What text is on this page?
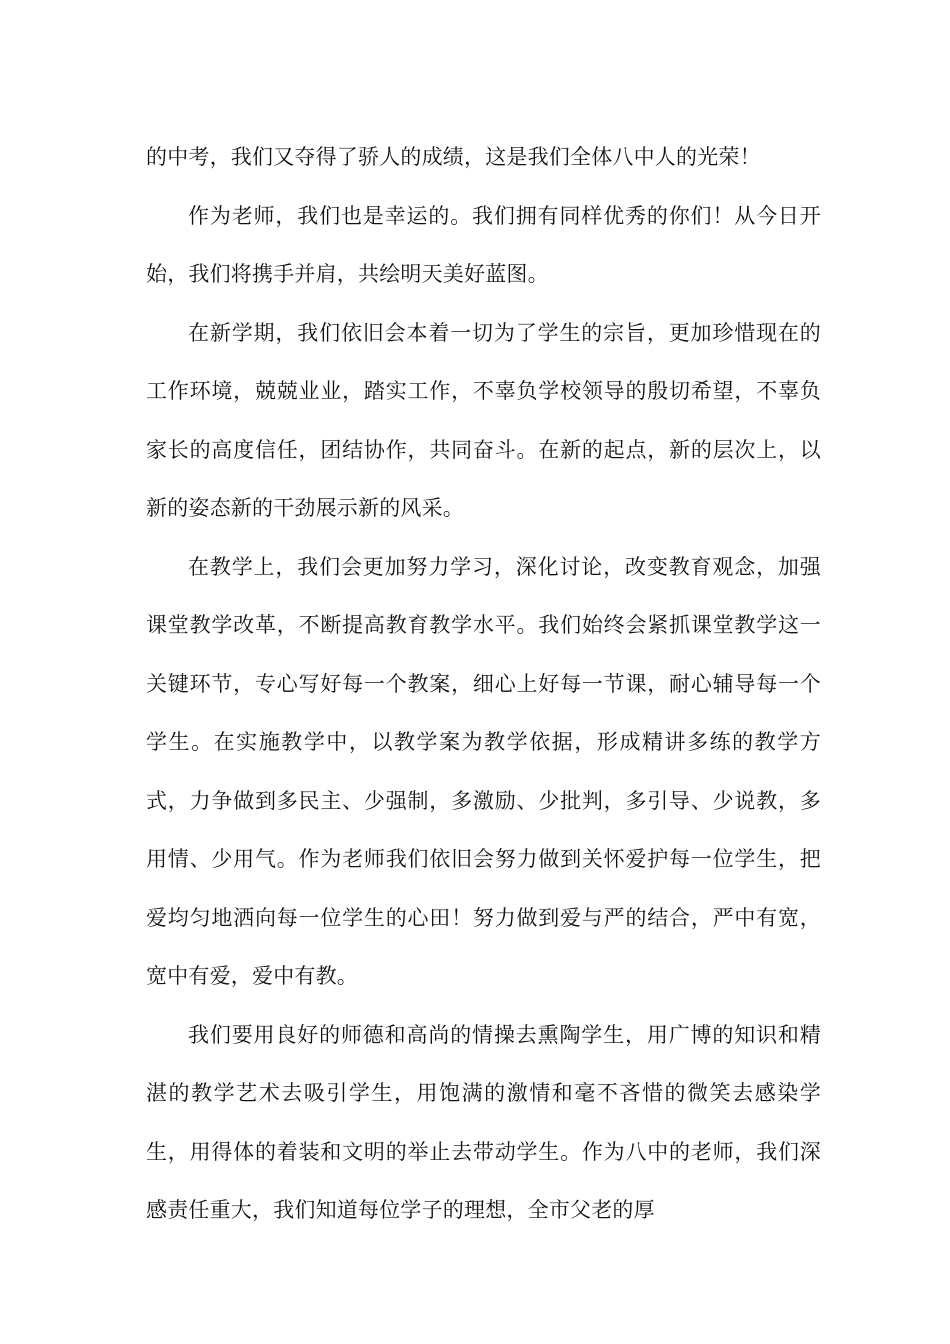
的中考，我们又夺得了骄人的成绩，这是我们全体八中人的光荣！

作为老师，我们也是幸运的。我们拥有同样优秀的你们！从今日开始，我们将携手并肩，共绘明天美好蓝图。

在新学期，我们依旧会本着一切为了学生的宗旨，更加珍惜现在的工作环境，兢兢业业，踏实工作，不辜负学校领导的殷切希望，不辜负家长的高度信任，团结协作，共同奋斗。在新的起点，新的层次上，以新的姿态新的干劲展示新的风采。

在教学上，我们会更加努力学习，深化讨论，改变教育观念，加强课堂教学改革，不断提高教育教学水平。我们始终会紧抓课堂教学这一关键环节，专心写好每一个教案，细心上好每一节课，耐心辅导每一个学生。在实施教学中，以教学案为教学依据，形成精讲多练的教学方式，力争做到多民主、少强制，多激励、少批判，多引导、少说教，多用情、少用气。作为老师我们依旧会努力做到关怀爱护每一位学生，把爱均匀地洒向每一位学生的心田！努力做到爱与严的结合，严中有宽，宽中有爱，爱中有教。

我们要用良好的师德和高尚的情操去熏陶学生，用广博的知识和精湛的教学艺术去吸引学生，用饱满的激情和毫不吝惜的微笑去感染学生，用得体的着装和文明的举止去带动学生。作为八中的老师，我们深感责任重大，我们知道每位学子的理想，全市父老的厚
